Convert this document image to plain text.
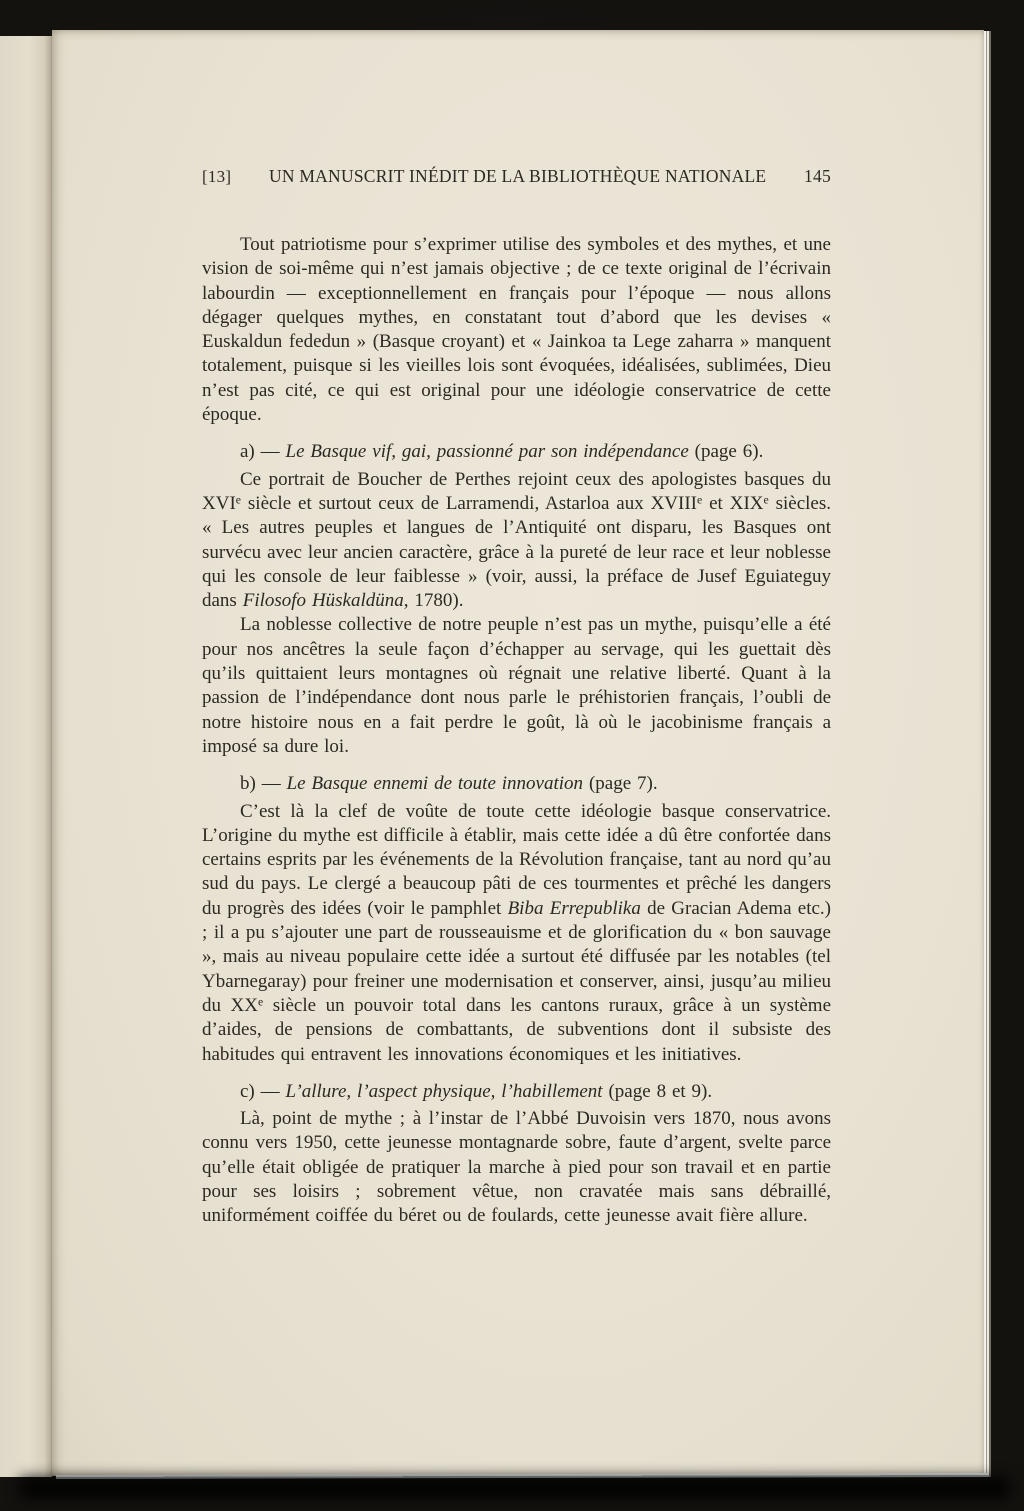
[13] UN MANUSCRIT INÉDIT DE LA BIBLIOTHÈQUE NATIONALE 145

Tout patriotisme pour s’exprimer utilise des symboles et des mythes, et une vision de soi-même qui n’est jamais objective ; de ce texte original de l’écrivain labourdin — exceptionnellement en français pour l’époque — nous allons dégager quelques mythes, en constatant tout d’abord que les devises « Euskaldun fededun » (Basque croyant) et « Jainkoa ta Lege zaharra » manquent totalement, puisque si les vieilles lois sont évoquées, idéalisées, sublimées, Dieu n’est pas cité, ce qui est original pour une idéologie conservatrice de cette époque.

a) — Le Basque vif, gai, passionné par son indépendance (page 6).

Ce portrait de Boucher de Perthes rejoint ceux des apologistes basques du XVIe siècle et surtout ceux de Larramendi, Astarloa aux XVIIIe et XIXe siècles. « Les autres peuples et langues de l’Antiquité ont disparu, les Basques ont survécu avec leur ancien caractère, grâce à la pureté de leur race et leur noblesse qui les console de leur faiblesse » (voir, aussi, la préface de Jusef Eguiateguy dans Filosofo Hüskaldüna, 1780).

La noblesse collective de notre peuple n’est pas un mythe, puisqu’elle a été pour nos ancêtres la seule façon d’échapper au servage, qui les guettait dès qu’ils quittaient leurs montagnes où régnait une relative liberté. Quant à la passion de l’indépendance dont nous parle le préhistorien français, l’oubli de notre histoire nous en a fait perdre le goût, là où le jacobinisme français a imposé sa dure loi.

b) — Le Basque ennemi de toute innovation (page 7).

C’est là la clef de voûte de toute cette idéologie basque conservatrice. L’origine du mythe est difficile à établir, mais cette idée a dû être confortée dans certains esprits par les événements de la Révolution française, tant au nord qu’au sud du pays. Le clergé a beaucoup pâti de ces tourmentes et prêché les dangers du progrès des idées (voir le pamphlet Biba Errepublika de Gracian Adema etc.) ; il a pu s’ajouter une part de rousseauisme et de glorification du « bon sauvage », mais au niveau populaire cette idée a surtout été diffusée par les notables (tel Ybarnegaray) pour freiner une modernisation et conserver, ainsi, jusqu’au milieu du XXe siècle un pouvoir total dans les cantons ruraux, grâce à un système d’aides, de pensions de combattants, de subventions dont il subsiste des habitudes qui entravent les innovations économiques et les initiatives.

c) — L’allure, l’aspect physique, l’habillement (page 8 et 9).

Là, point de mythe ; à l’instar de l’Abbé Duvoisin vers 1870, nous avons connu vers 1950, cette jeunesse montagnarde sobre, faute d’argent, svelte parce qu’elle était obligée de pratiquer la marche à pied pour son travail et en partie pour ses loisirs ; sobrement vêtue, non cravatée mais sans débraillé, uniformément coiffée du béret ou de foulards, cette jeunesse avait fière allure.
